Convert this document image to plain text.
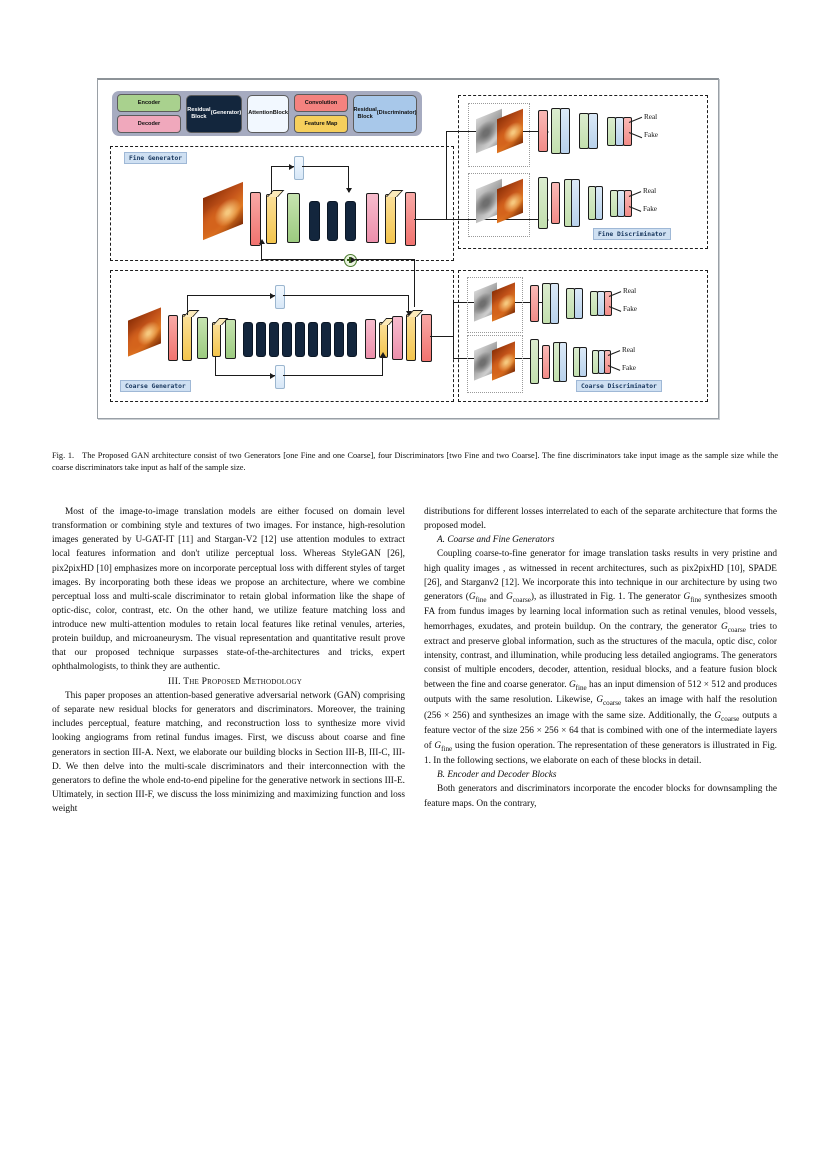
Encoder
Decoder
Residual Block

(Generator) Attention Block
Convolution
Feature Map
Residual Block

(Discriminator)
Fine Generator
Coarse Generator
Fine Discriminator
Real
Fake
Real
Fake
Coarse Discriminator
Real
Fake
Real
Fake
Fig. 1. The Proposed GAN architecture consist of two Generators [one Fine and one Coarse], four Discriminators [two Fine and two Coarse]. The fine discriminators take input image as the sample size while the coarse discriminators take input as half of the sample size.

Most of the image-to-image translation models are either focused on domain level transformation or combining style and textures of two images. For instance, high-resolution images generated by U-GAT-IT [11] and Stargan-V2 [12] use attention modules to extract local features information and don't utilize perceptual loss. Whereas StyleGAN [26], pix2pixHD [10] emphasizes more on incorporate perceptual loss with different styles of target images. By incorporating both these ideas we propose an architecture, where we combine perceptual loss and multi-scale discriminator to retain global information like the shape of optic-disc, color, contrast, etc. On the other hand, we utilize feature matching loss and introduce new multi-attention modules to retain local features like retinal venules, arteries, protein buildup, and microaneurysm. The visual representation and quantitative result prove that our proposed technique surpasses state-of-the-architectures and tricks, expert ophthalmologists, to think they are authentic.

III. The Proposed Methodology

This paper proposes an attention-based generative adversarial network (GAN) comprising of separate new residual blocks for generators and discriminators. Moreover, the training includes perceptual, feature matching, and reconstruction loss to synthesize more vivid looking angiograms from retinal fundus images. First, we discuss about coarse and fine generators in section III-A. Next, we elaborate our building blocks in Section III-B, III-C, III-D. We then delve into the multi-scale discriminators and their interconnection with the generators to define the whole end-to-end pipeline for the generative network in sections III-E. Ultimately, in section III-F, we discuss the loss minimizing and maximizing function and loss weight

distributions for different losses interrelated to each of the separate architecture that forms the proposed model.

A. Coarse and Fine Generators

Coupling coarse-to-fine generator for image translation tasks results in very pristine and high quality images , as witnessed in recent architectures, such as pix2pixHD [10], SPADE [26], and Starganv2 [12]. We incorporate this into technique in our architecture by using two generators ($G_{fine}$ and $G_{coarse}$), as illustrated in Fig. 1. The generator $G_{fine}$ synthesizes smooth FA from fundus images by learning local information such as retinal venules, blood vessels, hemorrhages, exudates, and protein buildup. On the contrary, the generator $G_{coarse}$ tries to extract and preserve global information, such as the structures of the macula, optic disc, color intensity, contrast, and illumination, while producing less detailed angiograms. The generators consist of multiple encoders, decoder, attention, residual blocks, and a feature fusion block between the fine and coarse generator. $G_{fine}$ has an input dimension of 512 × 512 and produces outputs with the same resolution. Likewise, $G_{coarse}$ takes an image with half the resolution (256 × 256) and synthesizes an image with the same size. Additionally, the $G_{coarse}$ outputs a feature vector of the size 256 × 256 × 64 that is combined with one of the intermediate layers of $G_{fine}$ using the fusion operation. The representation of these generators is illustrated in Fig. 1. In the following sections, we elaborate on each of these blocks in detail.

B. Encoder and Decoder Blocks

Both generators and discriminators incorporate the encoder blocks for downsampling the feature maps. On the contrary,
